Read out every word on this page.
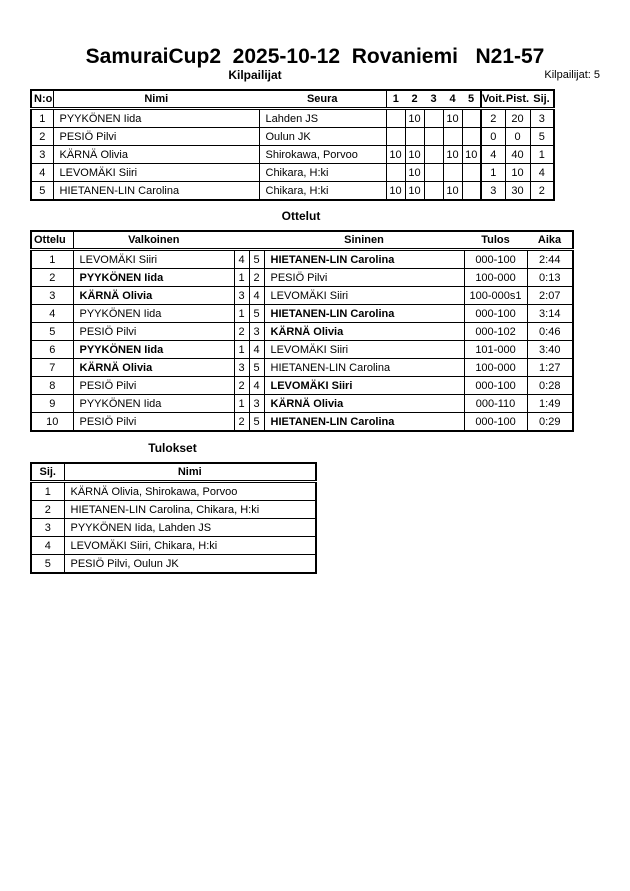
SamuraiCup2  2025-10-12  Rovaniemi   N21-57
Kilpailijat	Kilpailijat: 5
N:o	Nimi	Seura	1	2	3	4	5	Voit.	Pist.	Sij.
1	PYYKÖNEN Iida	Lahden JS		10		10		2	20	3
2	PESIÖ Pilvi	Oulun JK						0	0	5
3	KÄRNÄ Olivia	Shirokawa, Porvoo	10	10		10	10	4	40	1
4	LEVOMÄKI Siiri	Chikara, H:ki		10				1	10	4
5	HIETANEN-LIN Carolina	Chikara, H:ki	10	10		10		3	30	2
Ottelut
Ottelu	Valkoinen			Sininen	Tulos	Aika
1	LEVOMÄKI Siiri	4	5	HIETANEN-LIN Carolina	000-100	2:44
2	PYYKÖNEN Iida	1	2	PESIÖ Pilvi	100-000	0:13
3	KÄRNÄ Olivia	3	4	LEVOMÄKI Siiri	100-000s1	2:07
4	PYYKÖNEN Iida	1	5	HIETANEN-LIN Carolina	000-100	3:14
5	PESIÖ Pilvi	2	3	KÄRNÄ Olivia	000-102	0:46
6	PYYKÖNEN Iida	1	4	LEVOMÄKI Siiri	101-000	3:40
7	KÄRNÄ Olivia	3	5	HIETANEN-LIN Carolina	100-000	1:27
8	PESIÖ Pilvi	2	4	LEVOMÄKI Siiri	000-100	0:28
9	PYYKÖNEN Iida	1	3	KÄRNÄ Olivia	000-110	1:49
10	PESIÖ Pilvi	2	5	HIETANEN-LIN Carolina	000-100	0:29
Tulokset
Sij.	Nimi
1	KÄRNÄ Olivia, Shirokawa, Porvoo
2	HIETANEN-LIN Carolina, Chikara, H:ki
3	PYYKÖNEN Iida, Lahden JS
4	LEVOMÄKI Siiri, Chikara, H:ki
5	PESIÖ Pilvi, Oulun JK
